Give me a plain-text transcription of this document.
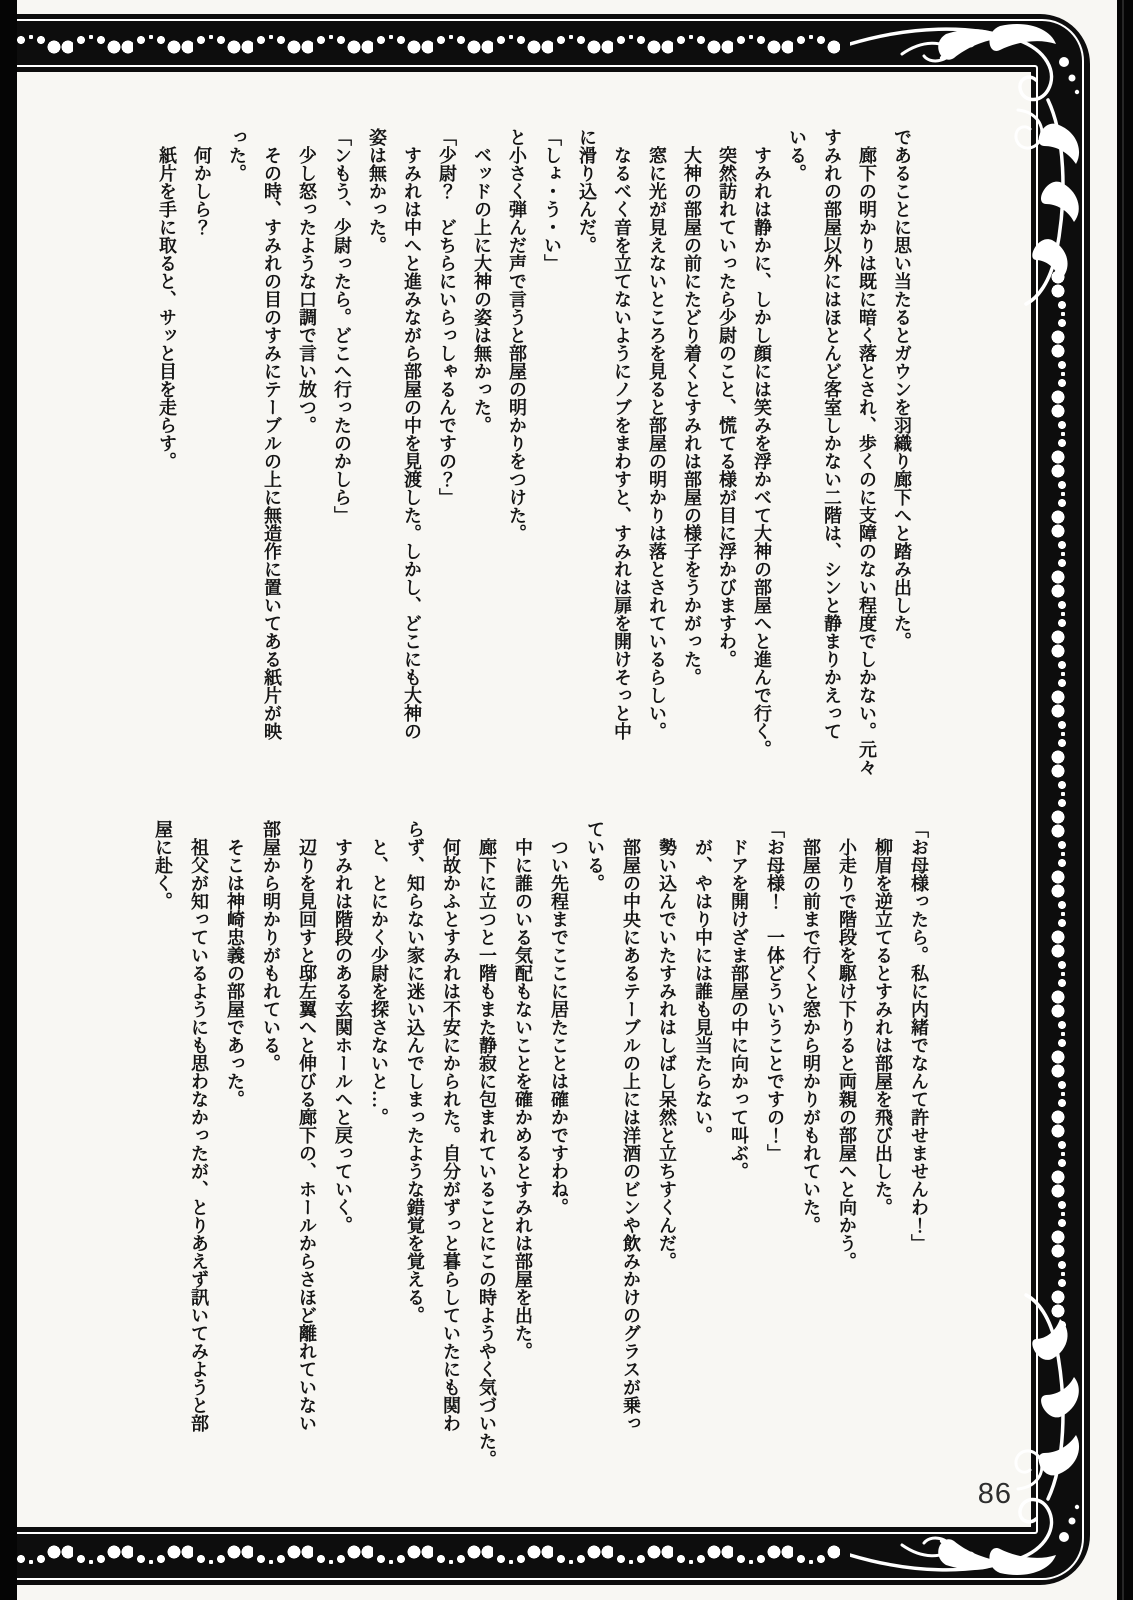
であることに思い当たるとガウンを羽織り廊下へと踏み出した。

　廊下の明かりは既に暗く落とされ、歩くのに支障のない程度でしかない。元々

すみれの部屋以外にはほとんど客室しかない二階は、シンと静まりかえって

いる。

　すみれは静かに、しかし顔には笑みを浮かべて大神の部屋へと進んで行く。

　突然訪れていったら少尉のこと、慌てる様が目に浮かびますわ。

　大神の部屋の前にたどり着くとすみれは部屋の様子をうかがった。

　窓に光が見えないところを見ると部屋の明かりは落とされているらしい。

　なるべく音を立てないようにノブをまわすと、すみれは扉を開けそっと中

に滑り込んだ。

「しょ・う・い」

と小さく弾んだ声で言うと部屋の明かりをつけた。

　ベッドの上に大神の姿は無かった。

「少尉？　どちらにいらっしゃるんですの？」

　すみれは中へと進みながら部屋の中を見渡した。しかし、どこにも大神の

姿は無かった。

「ンもう、少尉ったら。どこへ行ったのかしら」

　少し怒ったような口調で言い放つ。

　その時、すみれの目のすみにテーブルの上に無造作に置いてある紙片が映

った。

　何かしら？

　紙片を手に取ると、サッと目を走らす。

「お母様ったら。私に内緒でなんて許せませんわ！」

　柳眉を逆立てるとすみれは部屋を飛び出した。

　小走りで階段を駆け下りると両親の部屋へと向かう。

　部屋の前まで行くと窓から明かりがもれていた。

「お母様！　一体どういうことですの！」

　ドアを開けざま部屋の中に向かって叫ぶ。

　が、やはり中には誰も見当たらない。

　勢い込んでいたすみれはしばし呆然と立ちすくんだ。

　部屋の中央にあるテーブルの上には洋酒のビンや飲みかけのグラスが乗っ

ている。

　つい先程までここに居たことは確かですわね。

　中に誰のいる気配もないことを確かめるとすみれは部屋を出た。

　廊下に立つと一階もまた静寂に包まれていることにこの時ようやく気づいた。

　何故かふとすみれは不安にかられた。自分がずっと暮らしていたにも関わ

らず、知らない家に迷い込んでしまったような錯覚を覚える。

　と、とにかく少尉を探さないと…。

　すみれは階段のある玄関ホールへと戻っていく。

　辺りを見回すと邸左翼へと伸びる廊下の、ホールからさほど離れていない

部屋から明かりがもれている。

　そこは神崎忠義の部屋であった。

　祖父が知っているようにも思わなかったが、とりあえず訊いてみようと部

屋に赴く。

86
